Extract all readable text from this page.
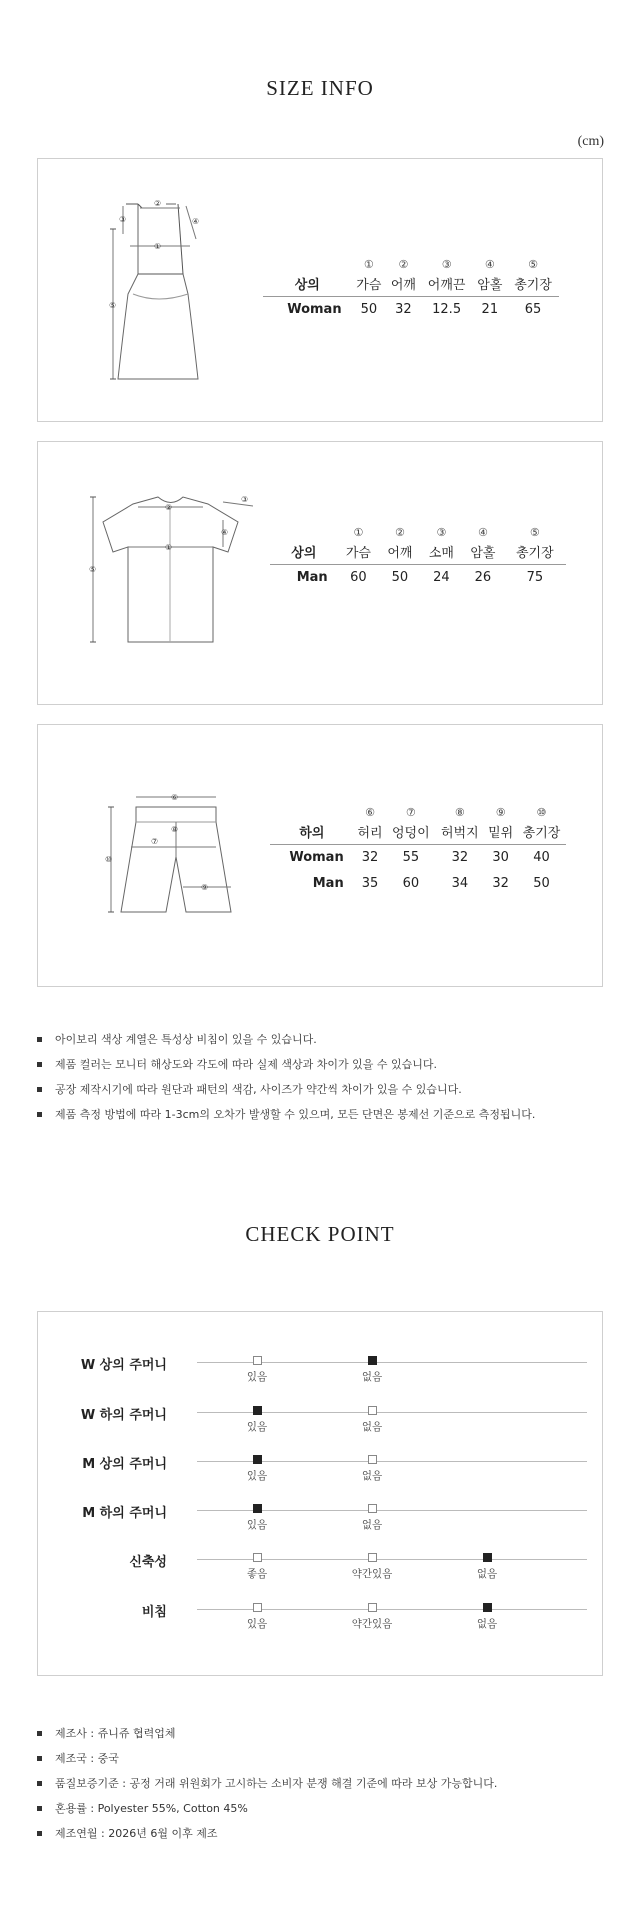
SIZE INFO
(cm)
①
②
③	④
⑤
	①	②	③	④	⑤
상의	가슴	어깨	어깨끈	암홀	총기장
Woman	50	32	12.5	21	65
①
②
③
④
⑤
	①	②	③	④	⑤
상의	가슴	어깨	소매	암홀	총기장
Man	60	50	24	26	75
⑥
⑦
⑧
⑨
⑩
	⑥	⑦	⑧	⑨	⑩
하의	허리	엉덩이	허벅지	밑위	총기장
Woman	32	55	32	30	40
Man	35	60	34	32	50
아이보리 색상 계열은 특성상 비침이 있을 수 있습니다.
제품 컬러는 모니터 해상도와 각도에 따라 실제 색상과 차이가 있을 수 있습니다.
공장 제작시기에 따라 원단과 패턴의 색감, 사이즈가 약간씩 차이가 있을 수 있습니다.
제품 측정 방법에 따라 1-3cm의 오차가 발생할 수 있으며, 모든 단면은 봉제선 기준으로 측정됩니다.
CHECK POINT
W 상의 주머니
있음	없음
W 하의 주머니
있음	없음
M 상의 주머니
있음	없음
M 하의 주머니
있음	없음
신축성
좋음	약간있음	없음
비침
있음	약간있음	없음
제조사 : 쥬니쥬 협력업체
제조국 : 중국
품질보증기준 : 공정 거래 위원회가 고시하는 소비자 분쟁 해결 기준에 따라 보상 가능합니다.
혼용률 : Polyester 55%, Cotton 45%
제조연월 : 2026년 6월 이후 제조
